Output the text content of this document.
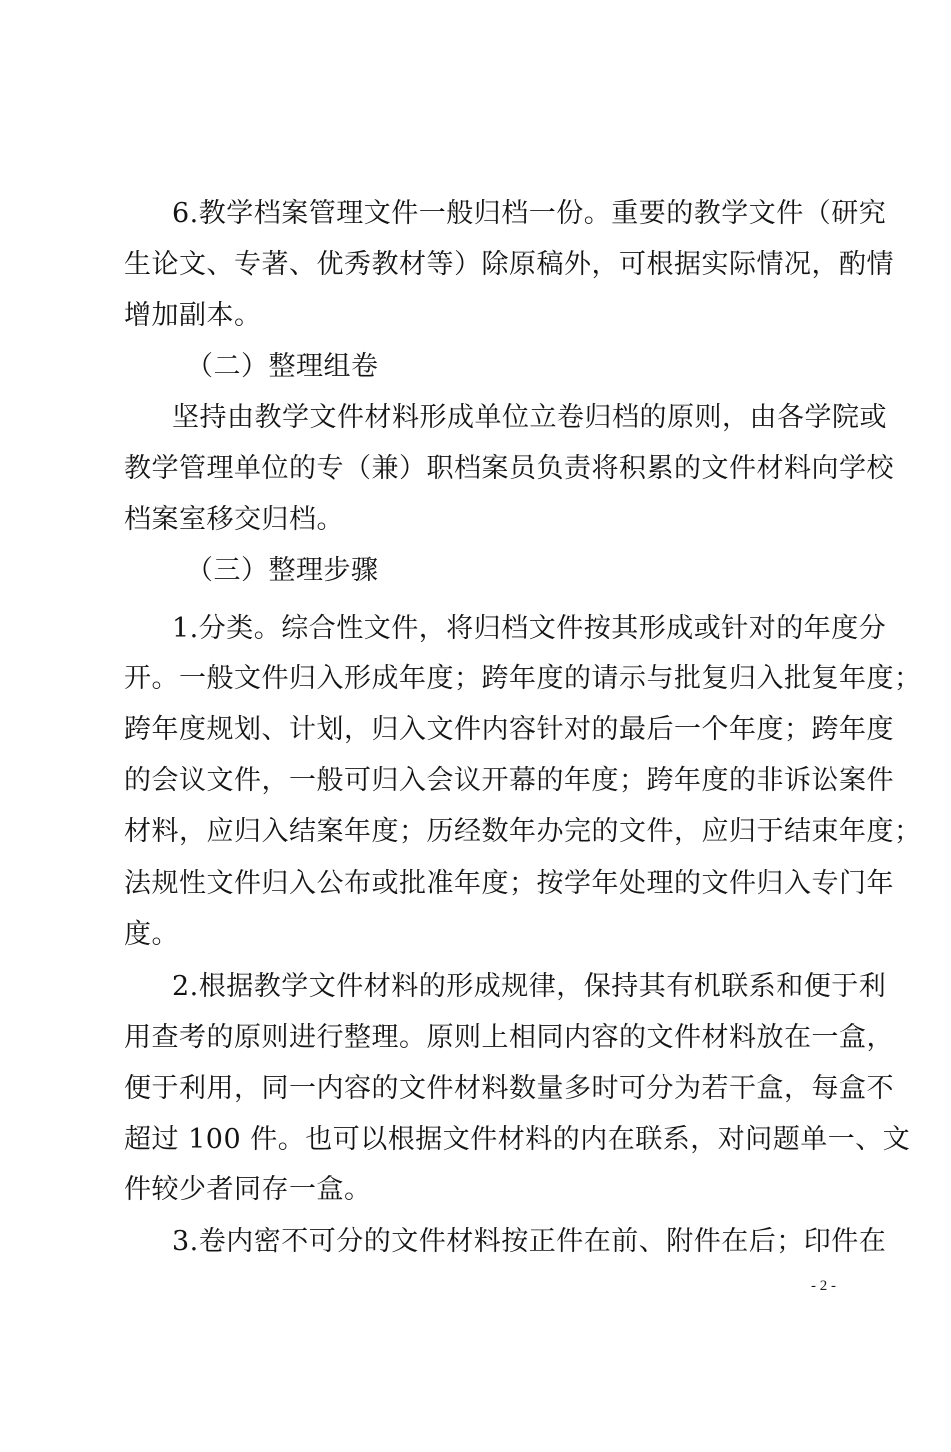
6.教学档案管理文件一般归档一份。重要的教学文件（研究

生论文、专著、优秀教材等）除原稿外，可根据实际情况，酌情

增加副本。

（二）整理组卷

坚持由教学文件材料形成单位立卷归档的原则，由各学院或

教学管理单位的专（兼）职档案员负责将积累的文件材料向学校

档案室移交归档。

（三）整理步骤

1.分类。综合性文件，将归档文件按其形成或针对的年度分

开。一般文件归入形成年度；跨年度的请示与批复归入批复年度；

跨年度规划、计划，归入文件内容针对的最后一个年度；跨年度

的会议文件，一般可归入会议开幕的年度；跨年度的非诉讼案件

材料，应归入结案年度；历经数年办完的文件，应归于结束年度；

法规性文件归入公布或批准年度；按学年处理的文件归入专门年

度。

2.根据教学文件材料的形成规律，保持其有机联系和便于利

用查考的原则进行整理。原则上相同内容的文件材料放在一盒，

便于利用，同一内容的文件材料数量多时可分为若干盒，每盒不

超过 100 件。也可以根据文件材料的内在联系，对问题单一、文

件较少者同存一盒。

3.卷内密不可分的文件材料按正件在前、附件在后；印件在

- 2 -
